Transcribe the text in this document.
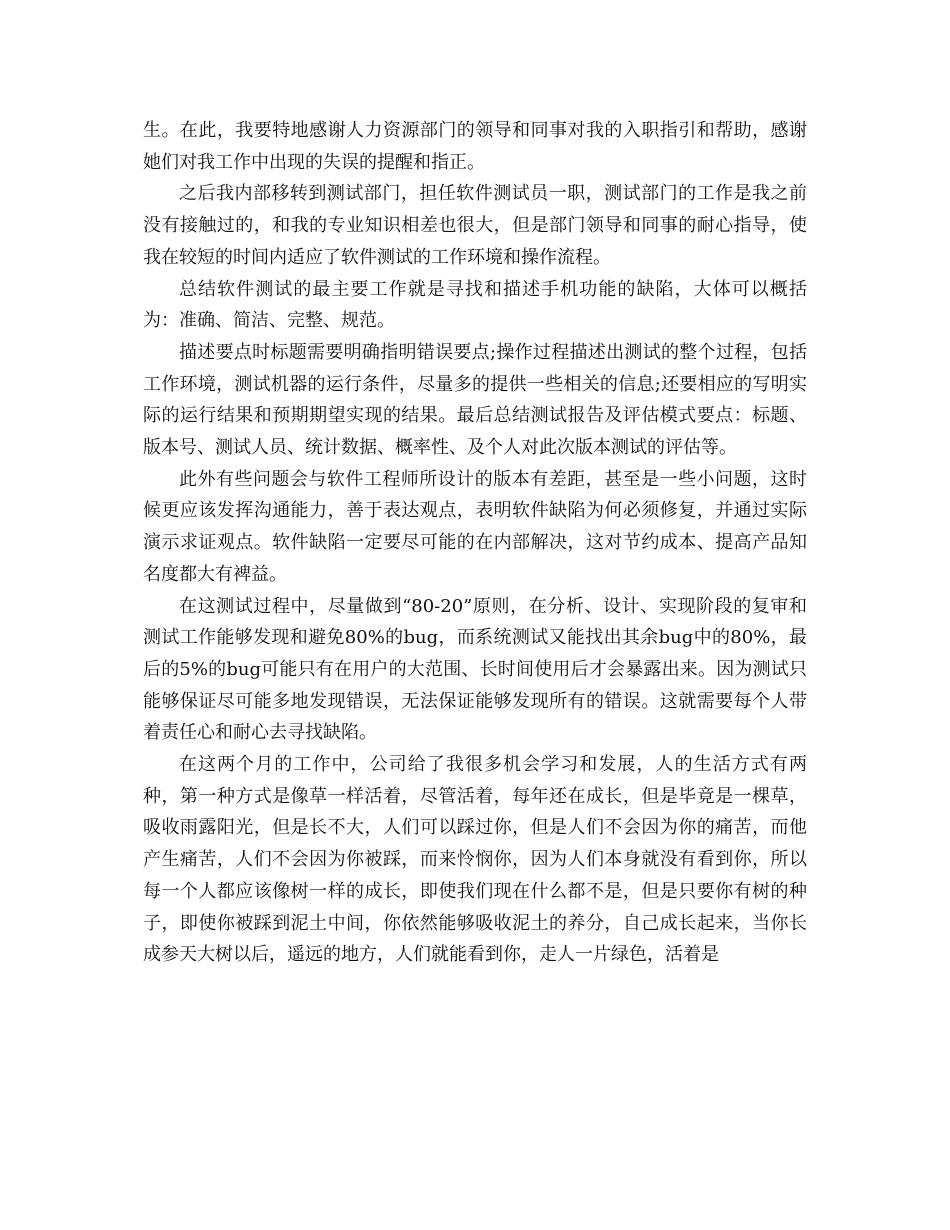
生。在此，我要特地感谢人力资源部门的领导和同事对我的入职指引和帮助，感谢她们对我工作中出现的失误的提醒和指正。

之后我内部移转到测试部门，担任软件测试员一职，测试部门的工作是我之前没有接触过的，和我的专业知识相差也很大，但是部门领导和同事的耐心指导，使我在较短的时间内适应了软件测试的工作环境和操作流程。

总结软件测试的最主要工作就是寻找和描述手机功能的缺陷，大体可以概括为：准确、简洁、完整、规范。

描述要点时标题需要明确指明错误要点;操作过程描述出测试的整个过程，包括工作环境，测试机器的运行条件，尽量多的提供一些相关的信息;还要相应的写明实际的运行结果和预期期望实现的结果。最后总结测试报告及评估模式要点：标题、版本号、测试人员、统计数据、概率性、及个人对此次版本测试的评估等。

此外有些问题会与软件工程师所设计的版本有差距，甚至是一些小问题，这时候更应该发挥沟通能力，善于表达观点，表明软件缺陷为何必须修复，并通过实际演示求证观点。软件缺陷一定要尽可能的在内部解决，这对节约成本、提高产品知名度都大有裨益。

在这测试过程中，尽量做到“80-20”原则，在分析、设计、实现阶段的复审和测试工作能够发现和避免80%的bug，而系统测试又能找出其余bug中的80%，最后的5%的bug可能只有在用户的大范围、长时间使用后才会暴露出来。因为测试只能够保证尽可能多地发现错误，无法保证能够发现所有的错误。这就需要每个人带着责任心和耐心去寻找缺陷。

在这两个月的工作中，公司给了我很多机会学习和发展，人的生活方式有两种，第一种方式是像草一样活着，尽管活着，每年还在成长，但是毕竟是一棵草，吸收雨露阳光，但是长不大，人们可以踩过你，但是人们不会因为你的痛苦，而他产生痛苦，人们不会因为你被踩，而来怜悯你，因为人们本身就没有看到你，所以每一个人都应该像树一样的成长，即使我们现在什么都不是，但是只要你有树的种子，即使你被踩到泥土中间，你依然能够吸收泥土的养分，自己成长起来，当你长成参天大树以后，遥远的地方，人们就能看到你，走人一片绿色，活着是
